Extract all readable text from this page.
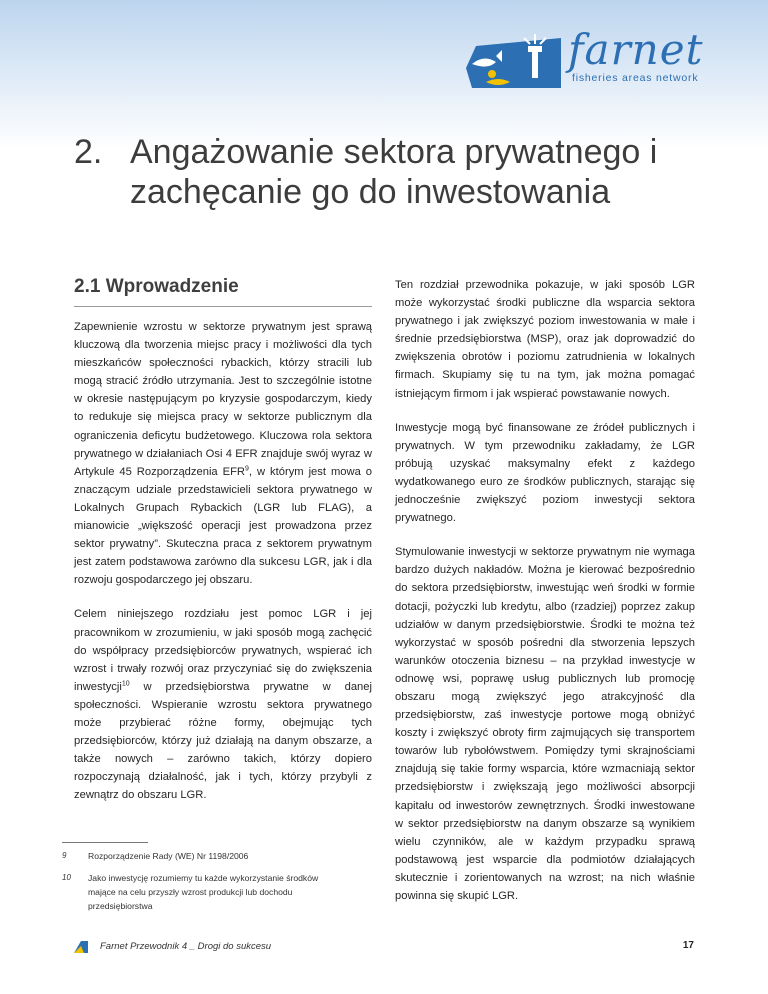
farnet
fisheries areas network
2. Angażowanie sektora prywatnego i zachęcanie go do inwestowania
2.1 Wprowadzenie

Zapewnienie wzrostu w sektorze prywatnym jest sprawą kluczową dla tworzenia miejsc pracy i możliwości dla tych mieszkańców społeczności rybackich, którzy stracili lub mogą stracić źródło utrzymania. Jest to szczególnie istotne w okresie następującym po kryzysie gospodarczym, kiedy to redukuje się miejsca pracy w sektorze publicznym dla ograniczenia deficytu budżetowego. Kluczowa rola sektora prywatnego w działaniach Osi 4 EFR znajduje swój wyraz w Artykule 45 Rozporządzenia EFR$^9$, w którym jest mowa o znaczącym udziale przedstawicieli sektora prywatnego w Lokalnych Grupach Rybackich (LGR lub FLAG), a mianowicie „większość operacji jest prowadzona przez sektor prywatny”. Skuteczna praca z sektorem prywatnym jest zatem podstawowa zarówno dla sukcesu LGR, jak i dla rozwoju gospodarczego jej obszaru.

Celem niniejszego rozdziału jest pomoc LGR i jej pracownikom w zrozumieniu, w jaki sposób mogą zachęcić do współpracy przedsiębiorców prywatnych, wspierać ich wzrost i trwały rozwój oraz przyczyniać się do zwiększenia inwestycji$^{10}$ w przedsiębiorstwa prywatne w danej społeczności. Wspieranie wzrostu sektora prywatnego może przybierać różne formy, obejmując tych przedsiębiorców, którzy już działają na danym obszarze, a także nowych – zarówno takich, którzy dopiero rozpoczynają działalność, jak i tych, którzy przybyli z zewnątrz do obszaru LGR.

Ten rozdział przewodnika pokazuje, w jaki sposób LGR może wykorzystać środki publiczne dla wsparcia sektora prywatnego i jak zwiększyć poziom inwestowania w małe i średnie przedsiębiorstwa (MSP), oraz jak doprowadzić do zwiększenia obrotów i poziomu zatrudnienia w lokalnych firmach. Skupiamy się tu na tym, jak można pomagać istniejącym firmom i jak wspierać powstawanie nowych.

Inwestycje mogą być finansowane ze źródeł publicznych i prywatnych. W tym przewodniku zakładamy, że LGR próbują uzyskać maksymalny efekt z każdego wydatkowanego euro ze środków publicznych, starając się jednocześnie zwiększyć poziom inwestycji sektora prywatnego.

Stymulowanie inwestycji w sektorze prywatnym nie wymaga bardzo dużych nakładów. Można je kierować bezpośrednio do sektora przedsiębiorstw, inwestując weń środki w formie dotacji, pożyczki lub kredytu, albo (rzadziej) poprzez zakup udziałów w danym przedsiębiorstwie. Środki te można też wykorzystać w sposób pośredni dla stworzenia lepszych warunków otoczenia biznesu – na przykład inwestycje w odnowę wsi, poprawę usług publicznych lub promocję obszaru mogą zwiększyć jego atrakcyjność dla przedsiębiorstw, zaś inwestycje portowe mogą obniżyć koszty i zwiększyć obroty firm zajmujących się transportem towarów lub rybołówstwem. Pomiędzy tymi skrajnościami znajdują się takie formy wsparcia, które wzmacniają sektor przedsiębiorstw i zwiększają jego możliwości absorpcji kapitału od inwestorów zewnętrznych. Środki inwestowane w sektor przedsiębiorstw na danym obszarze są wynikiem wielu czynników, ale w każdym przypadku sprawą podstawową jest wsparcie dla podmiotów działających skutecznie i zorientowanych na wzrost; na nich właśnie powinna się skupić LGR.

9	Rozporządzenie Rady (WE) Nr 1198/2006
10	Jako inwestycję rozumiemy tu każde wykorzystanie środków mające na celu przyszły wzrost produkcji lub dochodu przedsiębiorstwa
Farnet Przewodnik 4 _ Drogi do sukcesu	17
